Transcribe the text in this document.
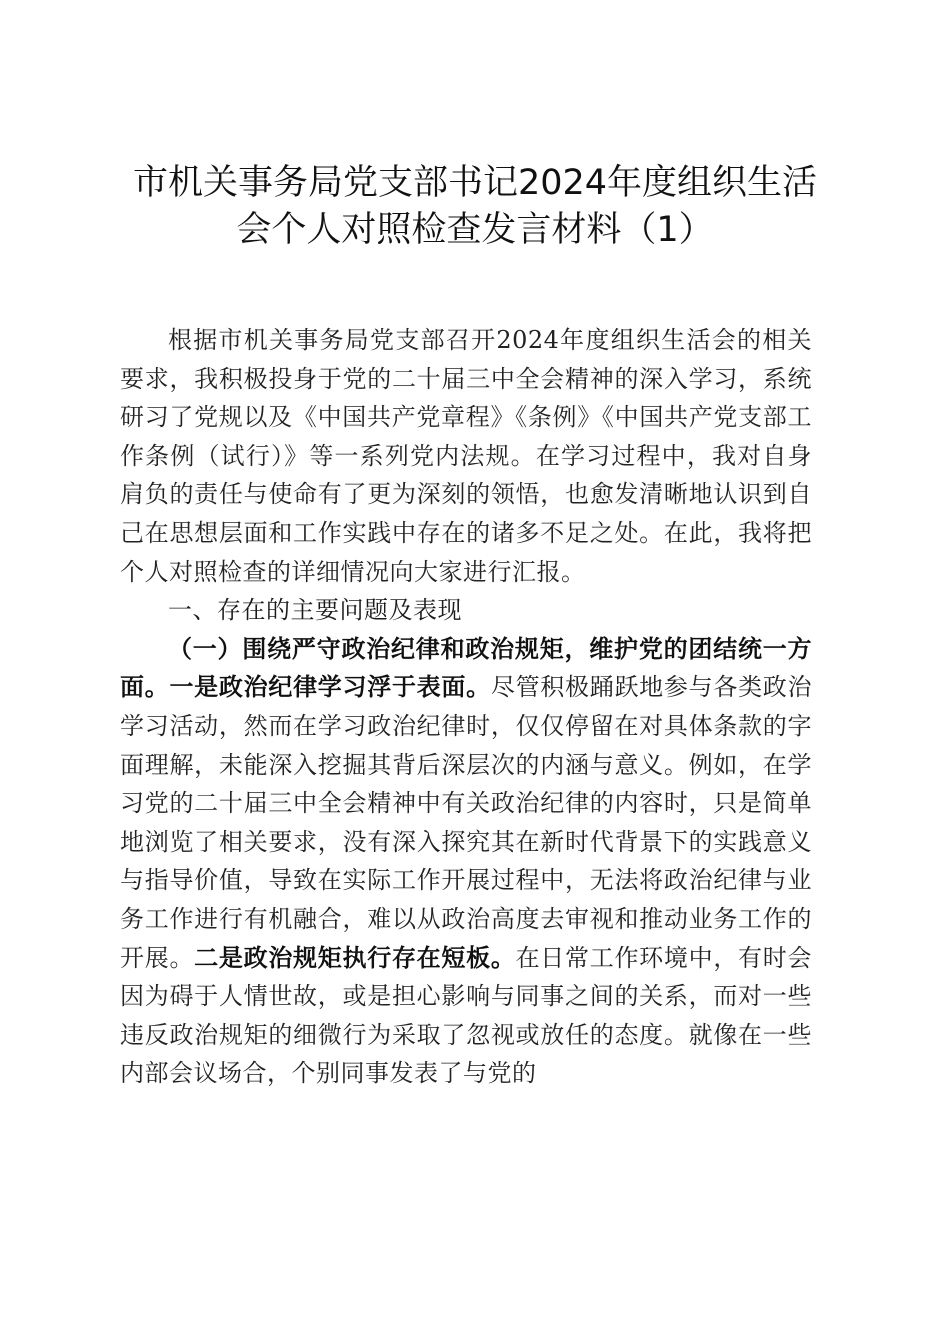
市机关事务局党支部书记2024年度组织生活
会个人对照检查发言材料（1）

根据市机关事务局党支部召开2024年度组织生活会的相关要求，我积极投身于党的二十届三中全会精神的深入学习，系统研习了党规以及《中国共产党章程》《条例》《中国共产党支部工作条例（试行）》等一系列党内法规。在学习过程中，我对自身肩负的责任与使命有了更为深刻的领悟，也愈发清晰地认识到自己在思想层面和工作实践中存在的诸多不足之处。在此，我将把个人对照检查的详细情况向大家进行汇报。

一、存在的主要问题及表现

（一）围绕严守政治纪律和政治规矩，维护党的团结统一方面。一是政治纪律学习浮于表面。尽管积极踊跃地参与各类政治学习活动，然而在学习政治纪律时，仅仅停留在对具体条款的字面理解，未能深入挖掘其背后深层次的内涵与意义。例如，在学习党的二十届三中全会精神中有关政治纪律的内容时，只是简单地浏览了相关要求，没有深入探究其在新时代背景下的实践意义与指导价值，导致在实际工作开展过程中，无法将政治纪律与业务工作进行有机融合，难以从政治高度去审视和推动业务工作的开展。二是政治规矩执行存在短板。在日常工作环境中，有时会因为碍于人情世故，或是担心影响与同事之间的关系，而对一些违反政治规矩的细微行为采取了忽视或放任的态度。就像在一些内部会议场合，个别同事发表了与党的
